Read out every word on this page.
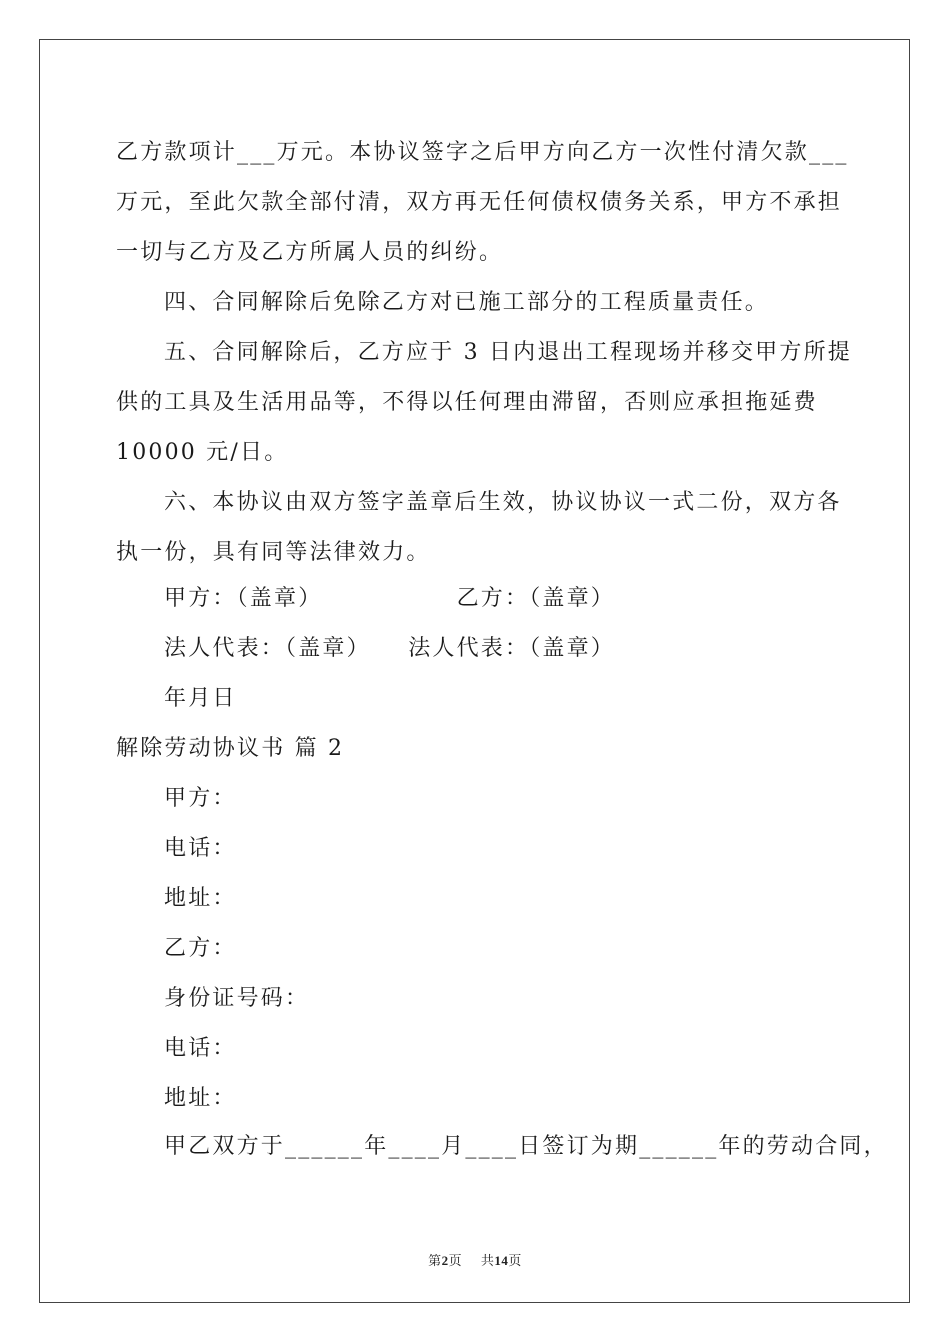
乙方款项计___万元。本协议签字之后甲方向乙方一次性付清欠款___
万元，至此欠款全部付清，双方再无任何债权债务关系，甲方不承担
一切与乙方及乙方所属人员的纠纷。
四、合同解除后免除乙方对已施工部分的工程质量责任。
五、合同解除后，乙方应于 3 日内退出工程现场并移交甲方所提
供的工具及生活用品等，不得以任何理由滞留，否则应承担拖延费
10000 元/日。
六、本协议由双方签字盖章后生效，协议协议一式二份，双方各
执一份，具有同等法律效力。
甲方：（盖章）　　　　　　乙方：（盖章）
法人代表：（盖章）　　法人代表：（盖章）
年月日
解除劳动协议书 篇 2
甲方：
电话：
地址：
乙方：
身份证号码：
电话：
地址：
甲乙双方于______年____月____日签订为期______年的劳动合同，
第2页 共14页
